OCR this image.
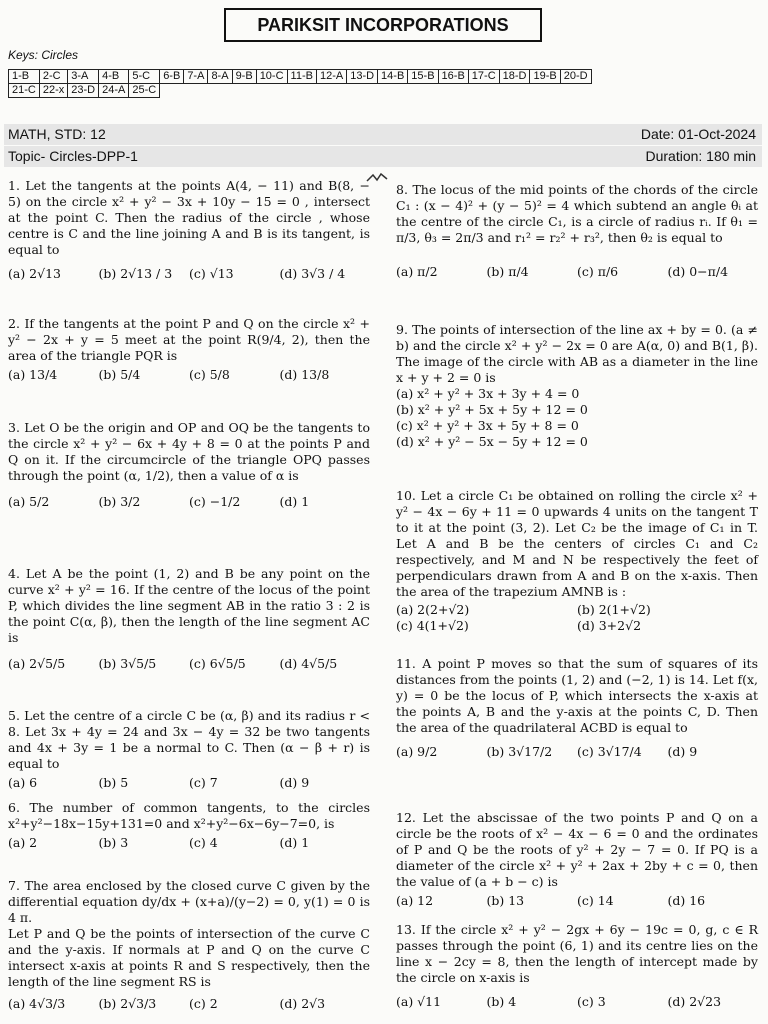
PARIKSIT INCORPORATIONS
Keys: Circles
1-B	2-C	3-A	4-B	5-C	6-B	7-A	8-A	9-B	10-C	11-B	12-A	13-D	14-B	15-B	16-B	17-C	18-D	19-B	20-D
21-C	22-x	23-D	24-A	25-C															
MATH, STD: 12	Date: 01-Oct-2024
Topic- Circles-DPP-1	Duration: 180 min

1. Let the tangents at the points A(4, − 11) and B(8, − 5) on the circle x² + y² − 3x + 10y − 15 = 0 , intersect at the point C. Then the radius of the circle , whose centre is C and the line joining A and B is its tangent, is equal to

(a) 2√13	(b) 2√13 / 3	(c) √13	(d) 3√3 / 4

2. If the tangents at the point P and Q on the circle x² + y² − 2x + y = 5 meet at the point R(9/4, 2), then the area of the triangle PQR is

(a) 13/4	(b) 5/4	(c) 5/8	(d) 13/8

3. Let O be the origin and OP and OQ be the tangents to the circle x² + y² − 6x + 4y + 8 = 0 at the points P and Q on it. If the circumcircle of the triangle OPQ passes through the point (α, 1/2), then a value of α is

(a) 5/2	(b) 3/2	(c) −1/2	(d) 1

4. Let A be the point (1, 2) and B be any point on the curve x² + y² = 16. If the centre of the locus of the point P, which divides the line segment AB in the ratio 3 : 2 is the point C(α, β), then the length of the line segment AC is

(a) 2√5/5	(b) 3√5/5	(c) 6√5/5	(d) 4√5/5

5. Let the centre of a circle C be (α, β) and its radius r < 8. Let 3x + 4y = 24 and 3x − 4y = 32 be two tangents and 4x + 3y = 1 be a normal to C. Then (α − β + r) is equal to

(a) 6	(b) 5	(c) 7	(d) 9

6. The number of common tangents, to the circles x²+y²−18x−15y+131=0 and x²+y²−6x−6y−7=0, is

(a) 2	(b) 3	(c) 4	(d) 1

7. The area enclosed by the closed curve C given by the differential equation dy/dx + (x+a)/(y−2) = 0, y(1) = 0 is 4 π.

Let P and Q be the points of intersection of the curve C and the y-axis. If normals at P and Q on the curve C intersect x-axis at points R and S respectively, then the length of the line segment RS is

(a) 4√3/3	(b) 2√3/3	(c) 2	(d) 2√3

8. The locus of the mid points of the chords of the circle C₁ : (x − 4)² + (y − 5)² = 4 which subtend an angle θᵢ at the centre of the circle C₁, is a circle of radius rᵢ. If θ₁ = π/3, θ₃ = 2π/3 and r₁² = r₂² + r₃², then θ₂ is equal to

(a) π/2	(b) π/4	(c) π/6	(d) 0−π/4

9. The points of intersection of the line ax + by = 0. (a ≠ b) and the circle x² + y² − 2x = 0 are A(α, 0) and B(1, β). The image of the circle with AB as a diameter in the line x + y + 2 = 0 is

(a) x² + y² + 3x + 3y + 4 = 0
(b) x² + y² + 5x + 5y + 12 = 0
(c) x² + y² + 3x + 5y + 8 = 0
(d) x² + y² − 5x − 5y + 12 = 0

10. Let a circle C₁ be obtained on rolling the circle x² + y² − 4x − 6y + 11 = 0 upwards 4 units on the tangent T to it at the point (3, 2). Let C₂ be the image of C₁ in T. Let A and B be the centers of circles C₁ and C₂ respectively, and M and N be respectively the feet of perpendiculars drawn from A and B on the x-axis. Then the area of the trapezium AMNB is :

(a) 2(2+√2)	(b) 2(1+√2)
(c) 4(1+√2)	(d) 3+2√2

11. A point P moves so that the sum of squares of its distances from the points (1, 2) and (−2, 1) is 14. Let f(x, y) = 0 be the locus of P, which intersects the x-axis at the points A, B and the y-axis at the points C, D. Then the area of the quadrilateral ACBD is equal to

(a) 9/2	(b) 3√17/2	(c) 3√17/4	(d) 9

12. Let the abscissae of the two points P and Q on a circle be the roots of x² − 4x − 6 = 0 and the ordinates of P and Q be the roots of y² + 2y − 7 = 0. If PQ is a diameter of the circle x² + y² + 2ax + 2by + c = 0, then the value of (a + b − c) is

(a) 12	(b) 13	(c) 14	(d) 16

13. If the circle x² + y² − 2gx + 6y − 19c = 0, g, c ∈ R passes through the point (6, 1) and its centre lies on the line x − 2cy = 8, then the length of intercept made by the circle on x-axis is

(a) √11	(b) 4	(c) 3	(d) 2√23
